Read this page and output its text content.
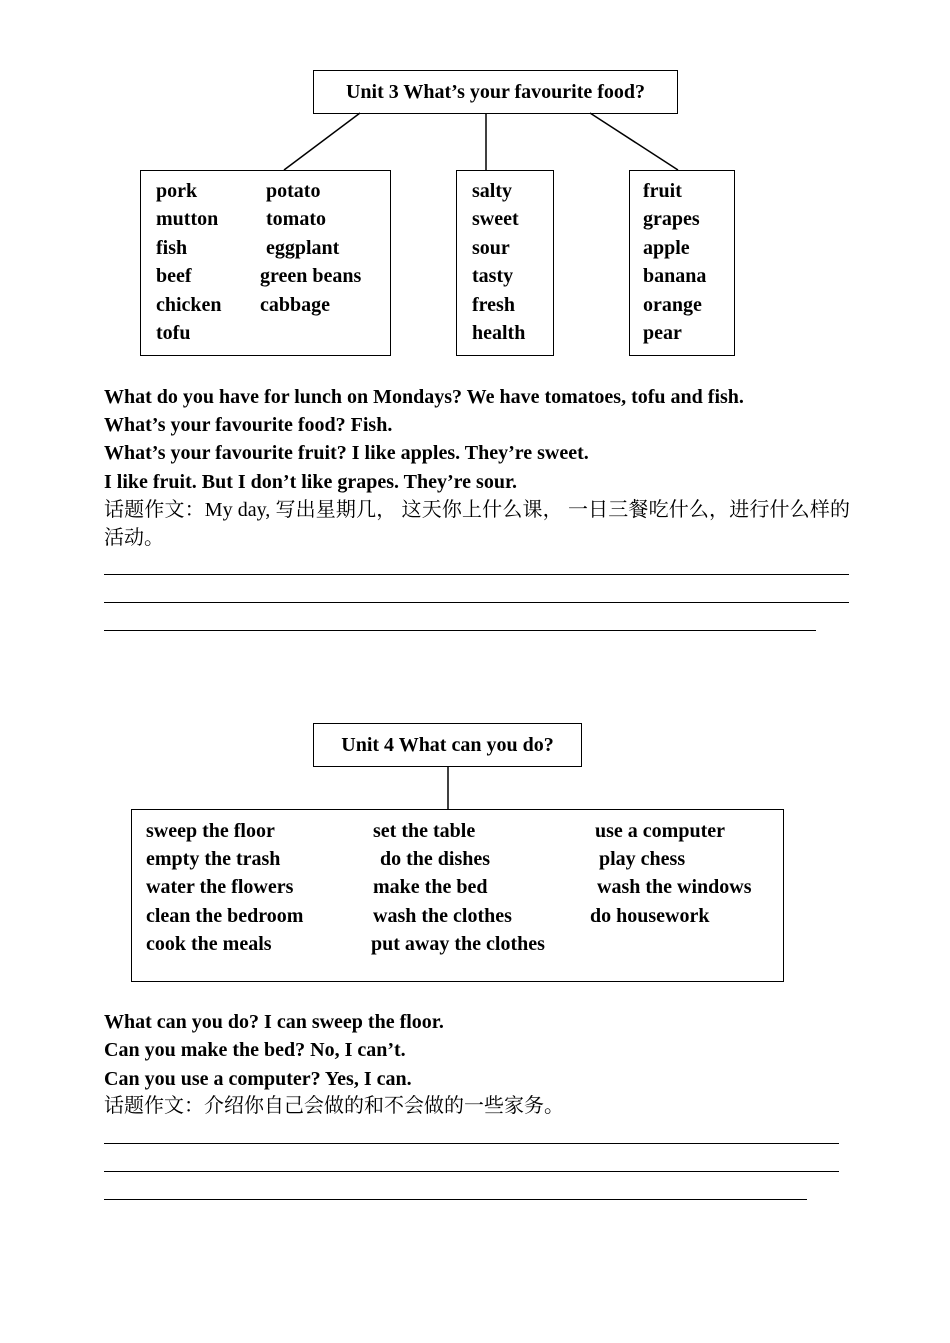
Unit 3 What’s your favourite food?
pork
mutton
fish
beef
chicken
tofu
potato
tomato
eggplant
green beans
cabbage
salty
sweet
sour
tasty
fresh
health
fruit
grapes
apple
banana
orange
pear
What do you have for lunch on Mondays? We have tomatoes, tofu and fish.
What’s your favourite food? Fish.
What’s your favourite fruit? I like apples. They’re sweet.
I like fruit. But I don’t like grapes. They’re sour.
话题作文：My day, 写出星期几， 这天你上什么课， 一日三餐吃什么，进行什么样的活动。
Unit 4 What can you do?
sweep the floor
empty the trash
water the flowers
clean the bedroom
cook the meals
set the table
do the dishes
make the bed
wash the clothes
put away the clothes
use a computer
play chess
wash the windows
do housework
What can you do? I can sweep the floor.
Can you make the bed? No, I can’t.
Can you use a computer? Yes, I can.
话题作文：介绍你自己会做的和不会做的一些家务。
